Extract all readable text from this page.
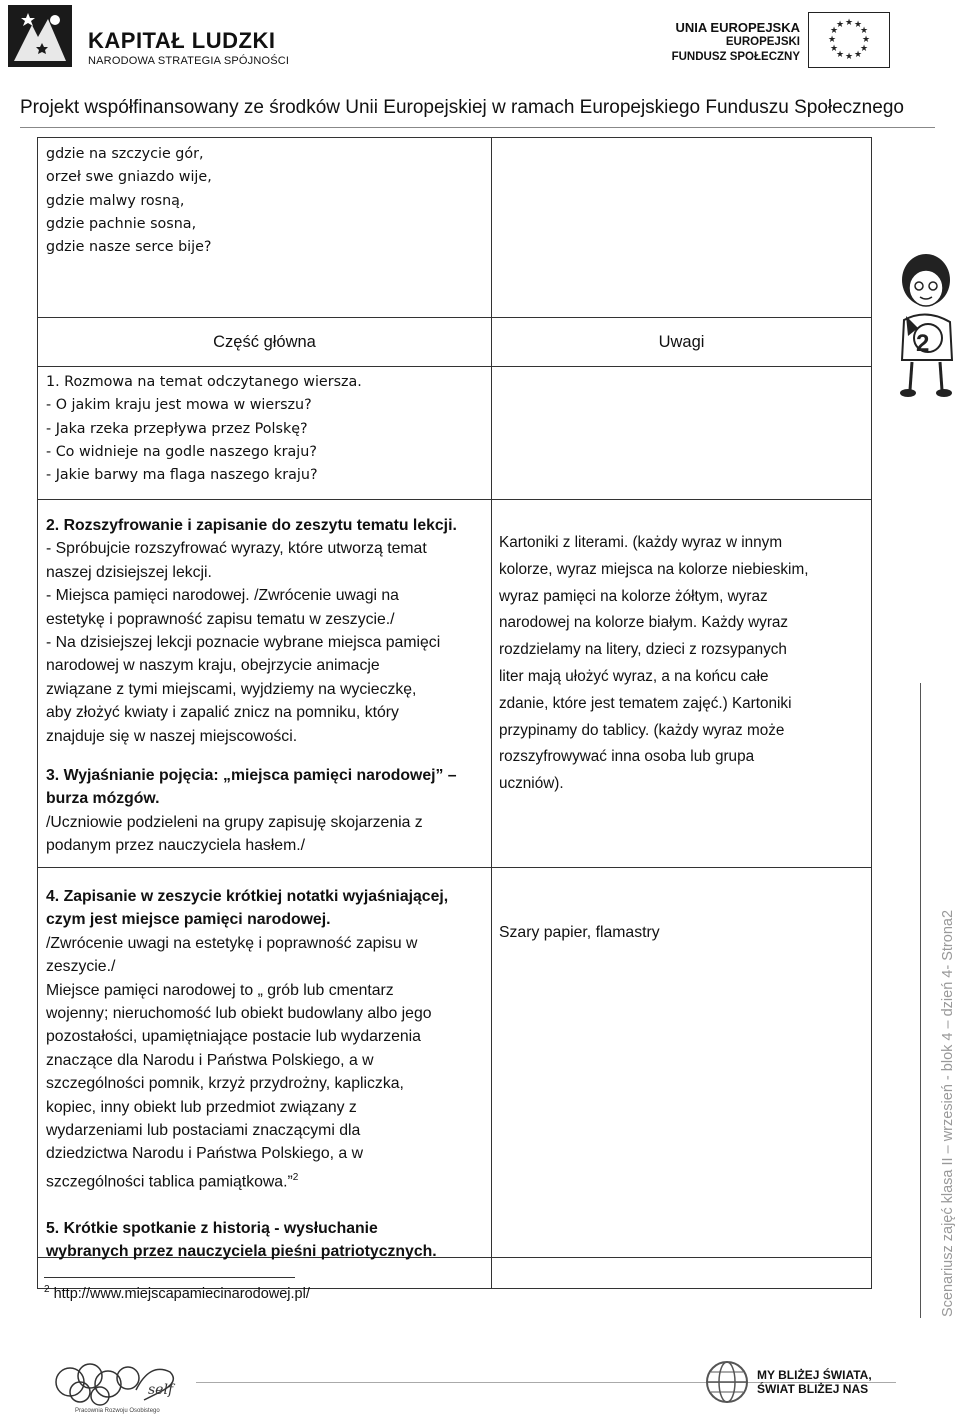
KAPITAŁ LUDZKI
NARODOWA STRATEGIA SPÓJNOŚCI
UNIA EUROPEJSKA
EUROPEJSKI
FUNDUSZ SPOŁECZNY
★ ★
★
★
★
★
★
★
★
★
★
★
Projekt współfinansowany ze środków Unii Europejskiej w ramach Europejskiego Funduszu Społecznego

gdzie na szczycie gór,

orzeł swe gniazdo wije,

gdzie malwy rosną,

gdzie pachnie sosna,

gdzie nasze serce bije?

Część główna	Uwagi

1. Rozmowa na temat odczytanego wiersza.

- O jakim kraju jest mowa w wierszu?

- Jaka rzeka przepływa przez Polskę?

- Co widnieje na godle naszego kraju?

- Jakie barwy ma flaga naszego kraju?

2. Rozszyfrowanie i zapisanie do zeszytu tematu lekcji.

- Spróbujcie rozszyfrować wyrazy, które utworzą temat

naszej dzisiejszej lekcji.

- Miejsca pamięci narodowej. /Zwrócenie uwagi na

estetykę i poprawność zapisu tematu w zeszycie./

- Na dzisiejszej lekcji poznacie wybrane miejsca pamięci

narodowej w naszym kraju, obejrzycie animacje

związane z tymi miejscami, wyjdziemy na wycieczkę,

aby złożyć kwiaty i zapalić znicz na pomniku, który

znajduje się w naszej miejscowości.

3. Wyjaśnianie pojęcia: „miejsca pamięci narodowej” –

burza mózgów.

/Uczniowie podzieleni na grupy zapisuję skojarzenia z

podanym przez nauczyciela hasłem./

Kartoniki z literami. (każdy wyraz w innym

kolorze, wyraz miejsca na kolorze niebieskim,

wyraz pamięci na kolorze żółtym, wyraz

narodowej na kolorze białym. Każdy wyraz

rozdzielamy na litery, dzieci z rozsypanych

liter mają ułożyć wyraz, a na końcu całe

zdanie, które jest tematem zajęć.) Kartoniki

przypinamy do tablicy. (każdy wyraz może

rozszyfrowywać inna osoba lub grupa

uczniów).

4. Zapisanie w zeszycie krótkiej notatki wyjaśniającej,

czym jest miejsce pamięci narodowej.

/Zwrócenie uwagi na estetykę i poprawność zapisu w

zeszycie./

Miejsce pamięci narodowej to „ grób lub cmentarz

wojenny; nieruchomość lub obiekt budowlany albo jego

pozostałości, upamiętniające postacie lub wydarzenia

znaczące dla Narodu i Państwa Polskiego, a w

szczególności pomnik, krzyż przydrożny, kapliczka,

kopiec, inny obiekt lub przedmiot związany z

wydarzeniami lub postaciami znaczącymi dla

dziedzictwa Narodu i Państwa Polskiego, a w

szczególności tablica pamiątkowa.”$^2$

5. Krótkie spotkanie z historią - wysłuchanie

wybranych przez nauczyciela pieśni patriotycznych.

Szary papier, flamastry
$^2$ http://www.miejscapamiecinarodowej.pl/
2
Scenariusz zajęć klasa II – wrzesień - blok 4 – dzień 4- Strona2
self
Pracownia Rozwoju Osobistego
MY BLIŻEJ ŚWIATA,
ŚWIAT BLIŻEJ NAS
